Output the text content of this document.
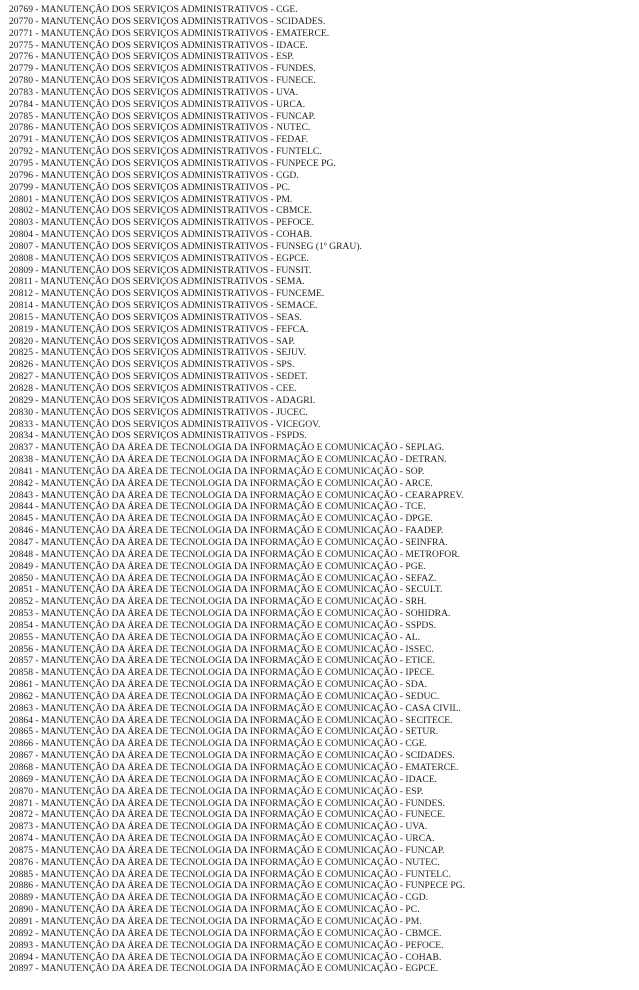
20769 - MANUTENÇÃO DOS SERVIÇOS ADMINISTRATIVOS - CGE.
20770 - MANUTENÇÃO DOS SERVIÇOS ADMINISTRATIVOS - SCIDADES.
20771 - MANUTENÇÃO DOS SERVIÇOS ADMINISTRATIVOS - EMATERCE.
20775 - MANUTENÇÃO DOS SERVIÇOS ADMINISTRATIVOS - IDACE.
20776 - MANUTENÇÃO DOS SERVIÇOS ADMINISTRATIVOS - ESP.
20779 - MANUTENÇÃO DOS SERVIÇOS ADMINISTRATIVOS - FUNDES.
20780 - MANUTENÇÃO DOS SERVIÇOS ADMINISTRATIVOS - FUNECE.
20783 - MANUTENÇÃO DOS SERVIÇOS ADMINISTRATIVOS - UVA.
20784 - MANUTENÇÃO DOS SERVIÇOS ADMINISTRATIVOS - URCA.
20785 - MANUTENÇÃO DOS SERVIÇOS ADMINISTRATIVOS - FUNCAP.
20786 - MANUTENÇÃO DOS SERVIÇOS ADMINISTRATIVOS - NUTEC.
20791 - MANUTENÇÃO DOS SERVIÇOS ADMINISTRATIVOS - FEDAF.
20792 - MANUTENÇÃO DOS SERVIÇOS ADMINISTRATIVOS - FUNTELC.
20795 - MANUTENÇÃO DOS SERVIÇOS ADMINISTRATIVOS - FUNPECE PG.
20796 - MANUTENÇÃO DOS SERVIÇOS ADMINISTRATIVOS - CGD.
20799 - MANUTENÇÃO DOS SERVIÇOS ADMINISTRATIVOS - PC.
20801 - MANUTENÇÃO DOS SERVIÇOS ADMINISTRATIVOS - PM.
20802 - MANUTENÇÃO DOS SERVIÇOS ADMINISTRATIVOS - CBMCE.
20803 - MANUTENÇÃO DOS SERVIÇOS ADMINISTRATIVOS - PEFOCE.
20804 - MANUTENÇÃO DOS SERVIÇOS ADMINISTRATIVOS - COHAB.
20807 - MANUTENÇÃO DOS SERVIÇOS ADMINISTRATIVOS - FUNSEG (1º GRAU).
20808 - MANUTENÇÃO DOS SERVIÇOS ADMINISTRATIVOS - EGPCE.
20809 - MANUTENÇÃO DOS SERVIÇOS ADMINISTRATIVOS - FUNSIT.
20811 - MANUTENÇÃO DOS SERVIÇOS ADMINISTRATIVOS - SEMA.
20812 - MANUTENÇÃO DOS SERVIÇOS ADMINISTRATIVOS - FUNCEME.
20814 - MANUTENÇÃO DOS SERVIÇOS ADMINISTRATIVOS - SEMACE.
20815 - MANUTENÇÃO DOS SERVIÇOS ADMINISTRATIVOS - SEAS.
20819 - MANUTENÇÃO DOS SERVIÇOS ADMINISTRATIVOS - FEFCA.
20820 - MANUTENÇÃO DOS SERVIÇOS ADMINISTRATIVOS - SAP.
20825 - MANUTENÇÃO DOS SERVIÇOS ADMINISTRATIVOS - SEJUV.
20826 - MANUTENÇÃO DOS SERVIÇOS ADMINISTRATIVOS - SPS.
20827 - MANUTENÇÃO DOS SERVIÇOS ADMINISTRATIVOS - SEDET.
20828 - MANUTENÇÃO DOS SERVIÇOS ADMINISTRATIVOS - CEE.
20829 - MANUTENÇÃO DOS SERVIÇOS ADMINISTRATIVOS - ADAGRI.
20830 - MANUTENÇÃO DOS SERVIÇOS ADMINISTRATIVOS - JUCEC.
20833 - MANUTENÇÃO DOS SERVIÇOS ADMINISTRATIVOS - VICEGOV.
20834 - MANUTENÇÃO DOS SERVIÇOS ADMINISTRATIVOS - FSPDS.
20837 - MANUTENÇÃO DA ÁREA DE TECNOLOGIA DA INFORMAÇÃO E COMUNICAÇÃO - SEPLAG.
20838 - MANUTENÇÃO DA ÁREA DE TECNOLOGIA DA INFORMAÇÃO E COMUNICAÇÃO - DETRAN.
20841 - MANUTENÇÃO DA ÁREA DE TECNOLOGIA DA INFORMAÇÃO E COMUNICAÇÃO - SOP.
20842 - MANUTENÇÃO DA ÁREA DE TECNOLOGIA DA INFORMAÇÃO E COMUNICAÇÃO - ARCE.
20843 - MANUTENÇÃO DA ÁREA DE TECNOLOGIA DA INFORMAÇÃO E COMUNICAÇÃO - CEARAPREV.
20844 - MANUTENÇÃO DA ÁREA DE TECNOLOGIA DA INFORMAÇÃO E COMUNICAÇÃO - TCE.
20845 - MANUTENÇÃO DA ÁREA DE TECNOLOGIA DA INFORMAÇÃO E COMUNICAÇÃO - DPGE.
20846 - MANUTENÇÃO DA ÁREA DE TECNOLOGIA DA INFORMAÇÃO E COMUNICAÇÃO - FAADEP.
20847 - MANUTENÇÃO DA ÁREA DE TECNOLOGIA DA INFORMAÇÃO E COMUNICAÇÃO - SEINFRA.
20848 - MANUTENÇÃO DA ÁREA DE TECNOLOGIA DA INFORMAÇÃO E COMUNICAÇÃO - METROFOR.
20849 - MANUTENÇÃO DA ÁREA DE TECNOLOGIA DA INFORMAÇÃO E COMUNICAÇÃO - PGE.
20850 - MANUTENÇÃO DA ÁREA DE TECNOLOGIA DA INFORMAÇÃO E COMUNICAÇÃO - SEFAZ.
20851 - MANUTENÇÃO DA ÁREA DE TECNOLOGIA DA INFORMAÇÃO E COMUNICAÇÃO - SECULT.
20852 - MANUTENÇÃO DA ÁREA DE TECNOLOGIA DA INFORMAÇÃO E COMUNICAÇÃO - SRH.
20853 - MANUTENÇÃO DA ÁREA DE TECNOLOGIA DA INFORMAÇÃO E COMUNICAÇÃO - SOHIDRA.
20854 - MANUTENÇÃO DA ÁREA DE TECNOLOGIA DA INFORMAÇÃO E COMUNICAÇÃO - SSPDS.
20855 - MANUTENÇÃO DA ÁREA DE TECNOLOGIA DA INFORMAÇÃO E COMUNICAÇÃO - AL.
20856 - MANUTENÇÃO DA ÁREA DE TECNOLOGIA DA INFORMAÇÃO E COMUNICAÇÃO - ISSEC.
20857 - MANUTENÇÃO DA ÁREA DE TECNOLOGIA DA INFORMAÇÃO E COMUNICAÇÃO - ETICE.
20858 - MANUTENÇÃO DA ÁREA DE TECNOLOGIA DA INFORMAÇÃO E COMUNICAÇÃO - IPECE.
20861 - MANUTENÇÃO DA ÁREA DE TECNOLOGIA DA INFORMAÇÃO E COMUNICAÇÃO - SDA.
20862 - MANUTENÇÃO DA ÁREA DE TECNOLOGIA DA INFORMAÇÃO E COMUNICAÇÃO - SEDUC.
20863 - MANUTENÇÃO DA ÁREA DE TECNOLOGIA DA INFORMAÇÃO E COMUNICAÇÃO - CASA CIVIL.
20864 - MANUTENÇÃO DA ÁREA DE TECNOLOGIA DA INFORMAÇÃO E COMUNICAÇÃO - SECITECE.
20865 - MANUTENÇÃO DA ÁREA DE TECNOLOGIA DA INFORMAÇÃO E COMUNICAÇÃO - SETUR.
20866 - MANUTENÇÃO DA ÁREA DE TECNOLOGIA DA INFORMAÇÃO E COMUNICAÇÃO - CGE.
20867 - MANUTENÇÃO DA ÁREA DE TECNOLOGIA DA INFORMAÇÃO E COMUNICAÇÃO - SCIDADES.
20868 - MANUTENÇÃO DA ÁREA DE TECNOLOGIA DA INFORMAÇÃO E COMUNICAÇÃO - EMATERCE.
20869 - MANUTENÇÃO DA ÁREA DE TECNOLOGIA DA INFORMAÇÃO E COMUNICAÇÃO - IDACE.
20870 - MANUTENÇÃO DA ÁREA DE TECNOLOGIA DA INFORMAÇÃO E COMUNICAÇÃO - ESP.
20871 - MANUTENÇÃO DA ÁREA DE TECNOLOGIA DA INFORMAÇÃO E COMUNICAÇÃO - FUNDES.
20872 - MANUTENÇÃO DA ÁREA DE TECNOLOGIA DA INFORMAÇÃO E COMUNICAÇÃO - FUNECE.
20873 - MANUTENÇÃO DA ÁREA DE TECNOLOGIA DA INFORMAÇÃO E COMUNICAÇÃO - UVA.
20874 - MANUTENÇÃO DA ÁREA DE TECNOLOGIA DA INFORMAÇÃO E COMUNICAÇÃO - URCA.
20875 - MANUTENÇÃO DA ÁREA DE TECNOLOGIA DA INFORMAÇÃO E COMUNICAÇÃO - FUNCAP.
20876 - MANUTENÇÃO DA ÁREA DE TECNOLOGIA DA INFORMAÇÃO E COMUNICAÇÃO - NUTEC.
20885 - MANUTENÇÃO DA ÁREA DE TECNOLOGIA DA INFORMAÇÃO E COMUNICAÇÃO - FUNTELC.
20886 - MANUTENÇÃO DA ÁREA DE TECNOLOGIA DA INFORMAÇÃO E COMUNICAÇÃO - FUNPECE PG.
20889 - MANUTENÇÃO DA ÁREA DE TECNOLOGIA DA INFORMAÇÃO E COMUNICAÇÃO - CGD.
20890 - MANUTENÇÃO DA ÁREA DE TECNOLOGIA DA INFORMAÇÃO E COMUNICAÇÃO - PC.
20891 - MANUTENÇÃO DA ÁREA DE TECNOLOGIA DA INFORMAÇÃO E COMUNICAÇÃO - PM.
20892 - MANUTENÇÃO DA ÁREA DE TECNOLOGIA DA INFORMAÇÃO E COMUNICAÇÃO - CBMCE.
20893 - MANUTENÇÃO DA ÁREA DE TECNOLOGIA DA INFORMAÇÃO E COMUNICAÇÃO - PEFOCE.
20894 - MANUTENÇÃO DA ÁREA DE TECNOLOGIA DA INFORMAÇÃO E COMUNICAÇÃO - COHAB.
20897 - MANUTENÇÃO DA ÁREA DE TECNOLOGIA DA INFORMAÇÃO E COMUNICAÇÃO - EGPCE.
